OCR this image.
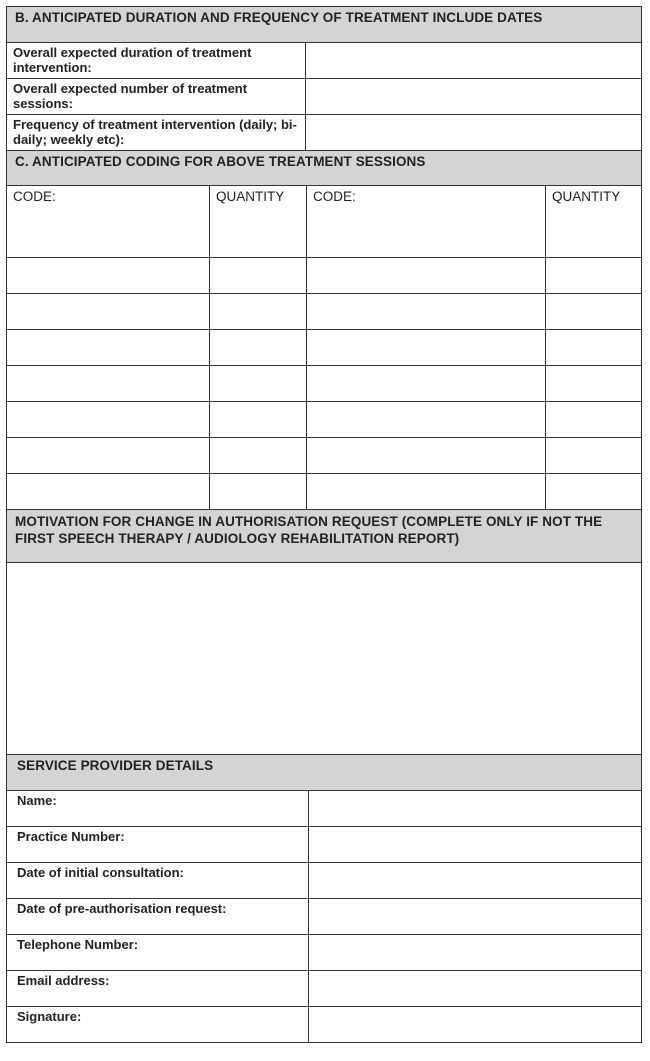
B. ANTICIPATED DURATION AND FREQUENCY OF TREATMENT INCLUDE DATES
Overall expected duration of treatment intervention:
Overall expected number of treatment sessions:
Frequency of treatment intervention (daily; bi-daily; weekly etc):
C. ANTICIPATED CODING FOR ABOVE TREATMENT SESSIONS
CODE:	QUANTITY	CODE:	QUANTITY
MOTIVATION FOR CHANGE IN AUTHORISATION REQUEST (COMPLETE ONLY IF NOT THE FIRST SPEECH THERAPY / AUDIOLOGY REHABILITATION REPORT)
SERVICE PROVIDER DETAILS
Name:
Practice Number:
Date of initial consultation:
Date of pre-authorisation request:
Telephone Number:
Email address:
Signature:
